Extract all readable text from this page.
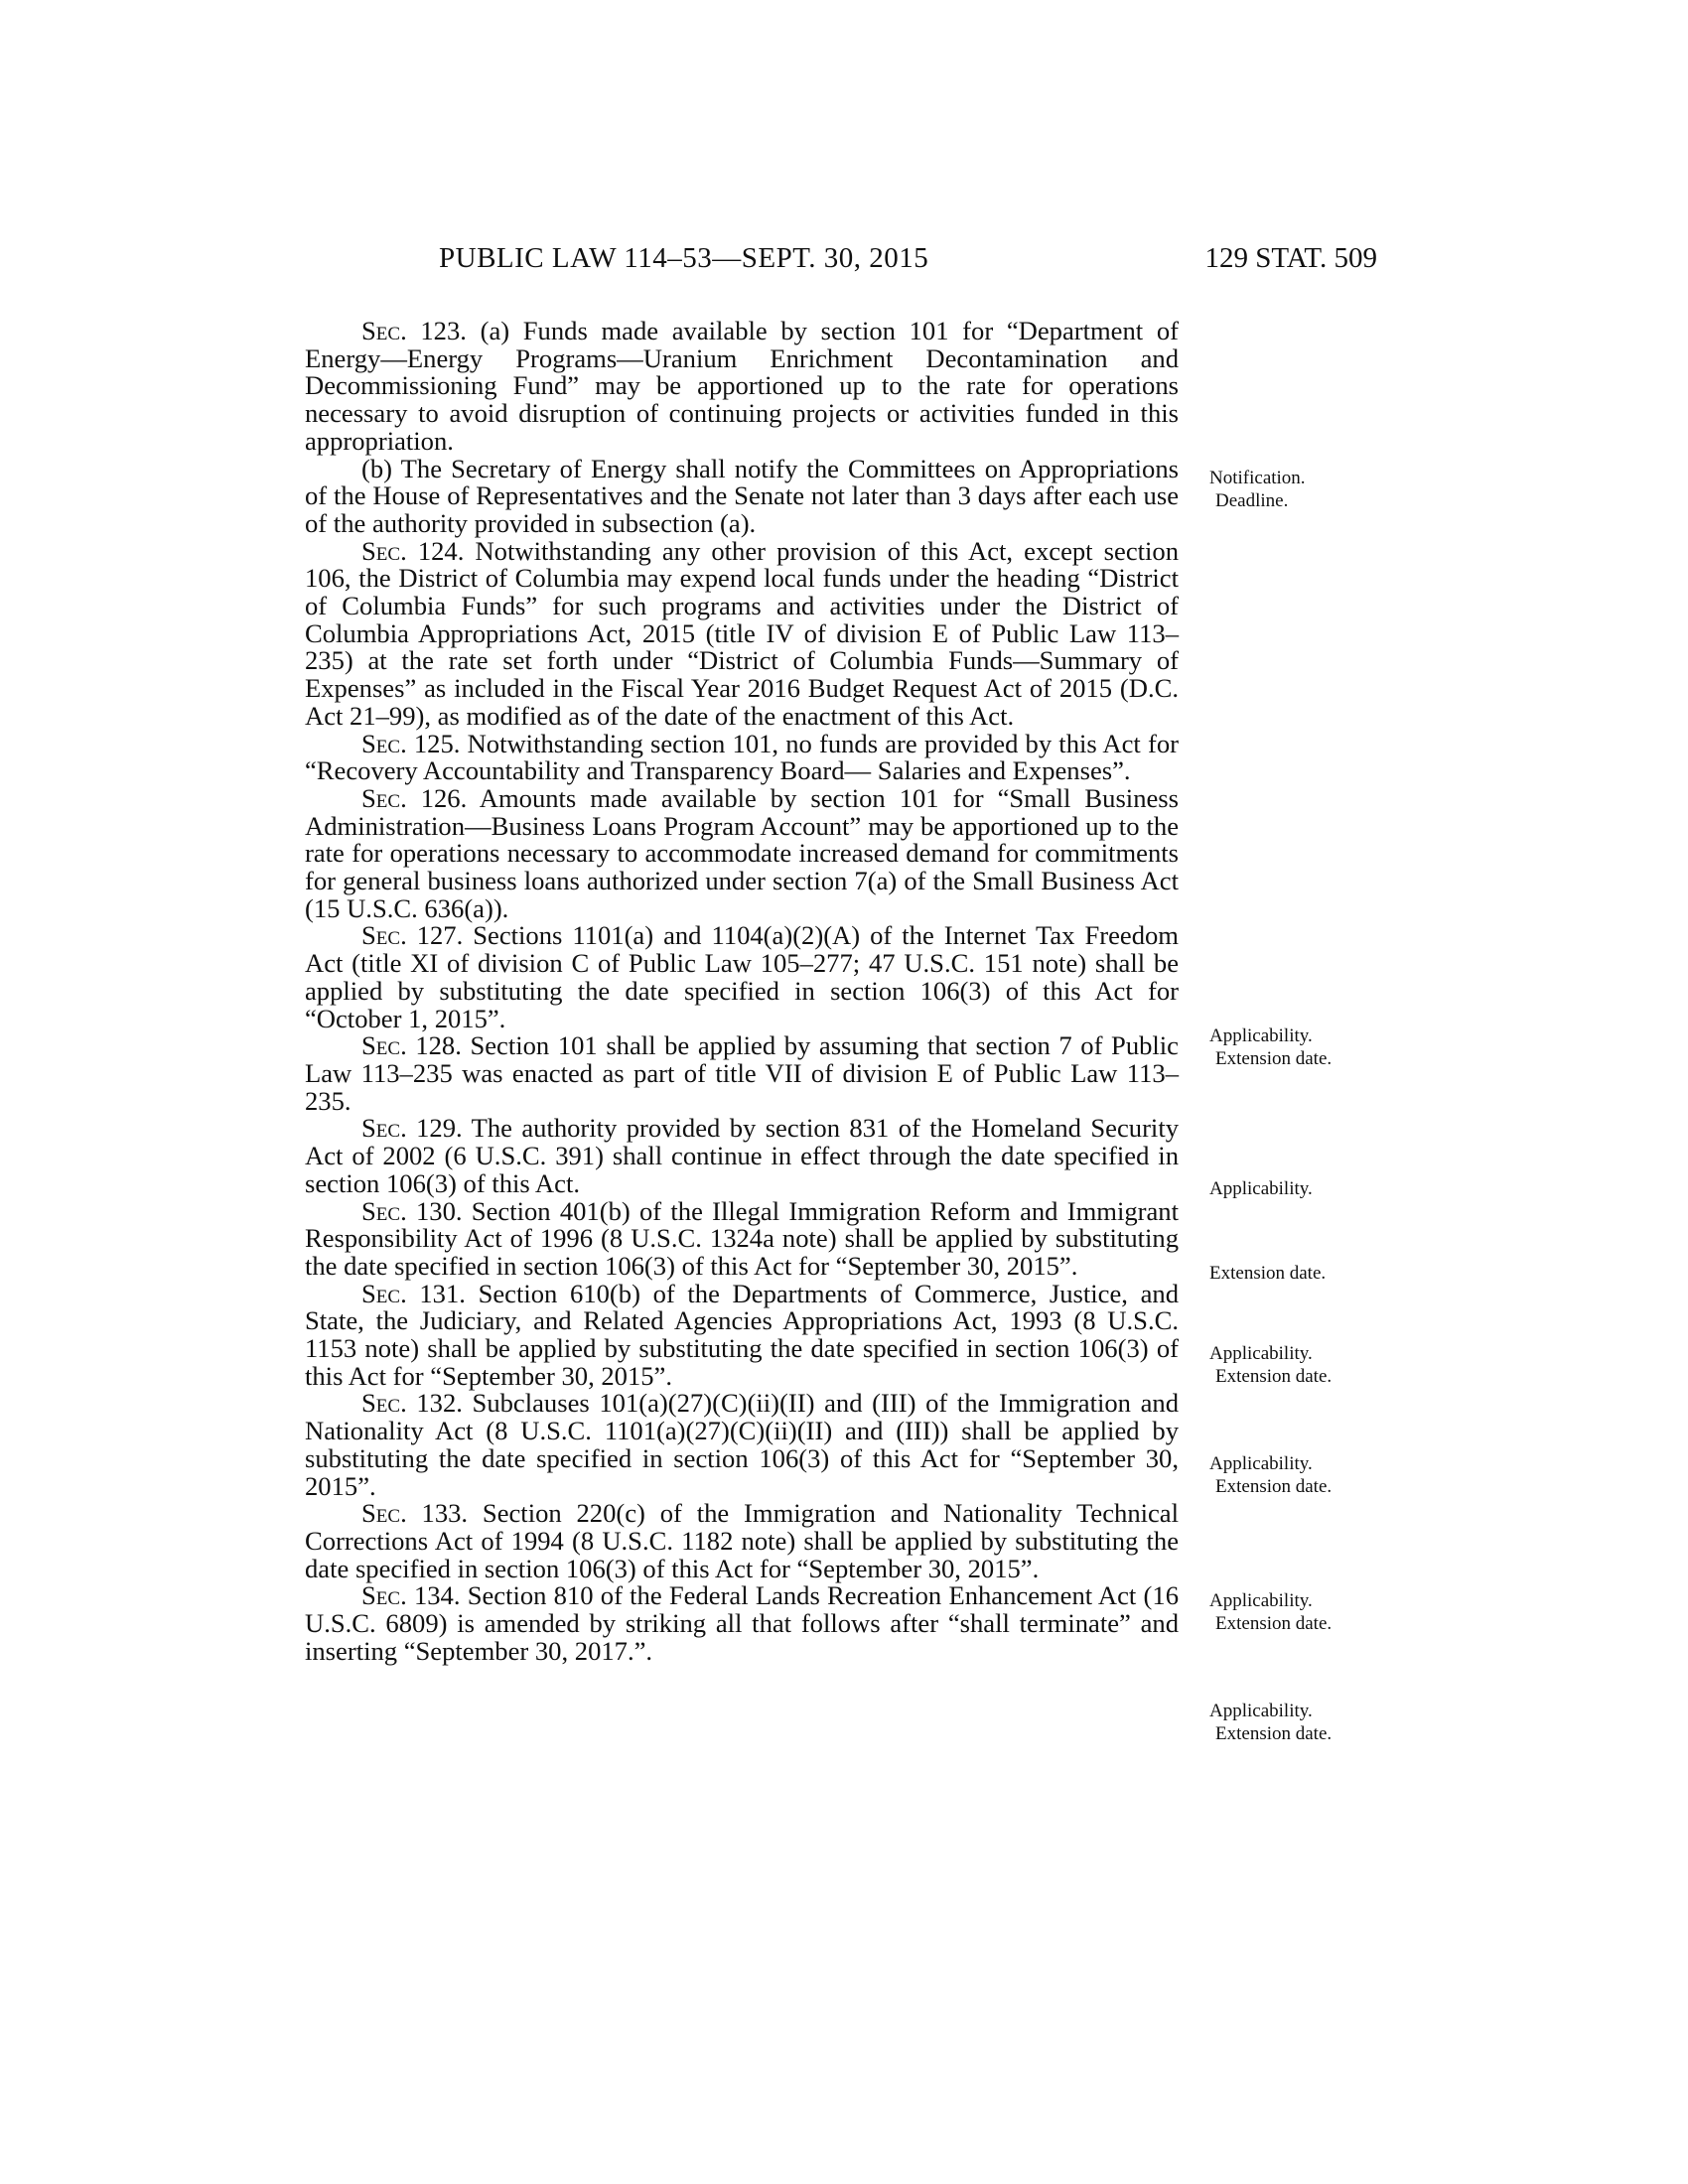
PUBLIC LAW 114–53—SEPT. 30, 2015	129 STAT. 509

Sec. 123. (a) Funds made available by section 101 for “Department of Energy—Energy Programs—Uranium Enrichment Decontamination and Decommissioning Fund” may be apportioned up to the rate for operations necessary to avoid disruption of continuing projects or activities funded in this appropriation.

(b) The Secretary of Energy shall notify the Committees on Appropriations of the House of Representatives and the Senate not later than 3 days after each use of the authority provided in subsection (a).

Sec. 124. Notwithstanding any other provision of this Act, except section 106, the District of Columbia may expend local funds under the heading “District of Columbia Funds” for such programs and activities under the District of Columbia Appropriations Act, 2015 (title IV of division E of Public Law 113–235) at the rate set forth under “District of Columbia Funds—Summary of Expenses” as included in the Fiscal Year 2016 Budget Request Act of 2015 (D.C. Act 21–99), as modified as of the date of the enactment of this Act.

Sec. 125. Notwithstanding section 101, no funds are provided by this Act for “Recovery Accountability and Transparency Board— Salaries and Expenses”.

Sec. 126. Amounts made available by section 101 for “Small Business Administration—Business Loans Program Account” may be apportioned up to the rate for operations necessary to accommodate increased demand for commitments for general business loans authorized under section 7(a) of the Small Business Act (15 U.S.C. 636(a)).

Sec. 127. Sections 1101(a) and 1104(a)(2)(A) of the Internet Tax Freedom Act (title XI of division C of Public Law 105–277; 47 U.S.C. 151 note) shall be applied by substituting the date specified in section 106(3) of this Act for “October 1, 2015”.

Sec. 128. Section 101 shall be applied by assuming that section 7 of Public Law 113–235 was enacted as part of title VII of division E of Public Law 113–235.

Sec. 129. The authority provided by section 831 of the Homeland Security Act of 2002 (6 U.S.C. 391) shall continue in effect through the date specified in section 106(3) of this Act.

Sec. 130. Section 401(b) of the Illegal Immigration Reform and Immigrant Responsibility Act of 1996 (8 U.S.C. 1324a note) shall be applied by substituting the date specified in section 106(3) of this Act for “September 30, 2015”.

Sec. 131. Section 610(b) of the Departments of Commerce, Justice, and State, the Judiciary, and Related Agencies Appropriations Act, 1993 (8 U.S.C. 1153 note) shall be applied by substituting the date specified in section 106(3) of this Act for “September 30, 2015”.

Sec. 132. Subclauses 101(a)(27)(C)(ii)(II) and (III) of the Immigration and Nationality Act (8 U.S.C. 1101(a)(27)(C)(ii)(II) and (III)) shall be applied by substituting the date specified in section 106(3) of this Act for “September 30, 2015”.

Sec. 133. Section 220(c) of the Immigration and Nationality Technical Corrections Act of 1994 (8 U.S.C. 1182 note) shall be applied by substituting the date specified in section 106(3) of this Act for “September 30, 2015”.

Sec. 134. Section 810 of the Federal Lands Recreation Enhancement Act (16 U.S.C. 6809) is amended by striking all that follows after “shall terminate” and inserting “September 30, 2017.”.

Notification.
Deadline.
Applicability.
Extension date.
Applicability.
Extension date.
Applicability.
Extension date.
Applicability.
Extension date.
Applicability.
Extension date.
Applicability.
Extension date.
